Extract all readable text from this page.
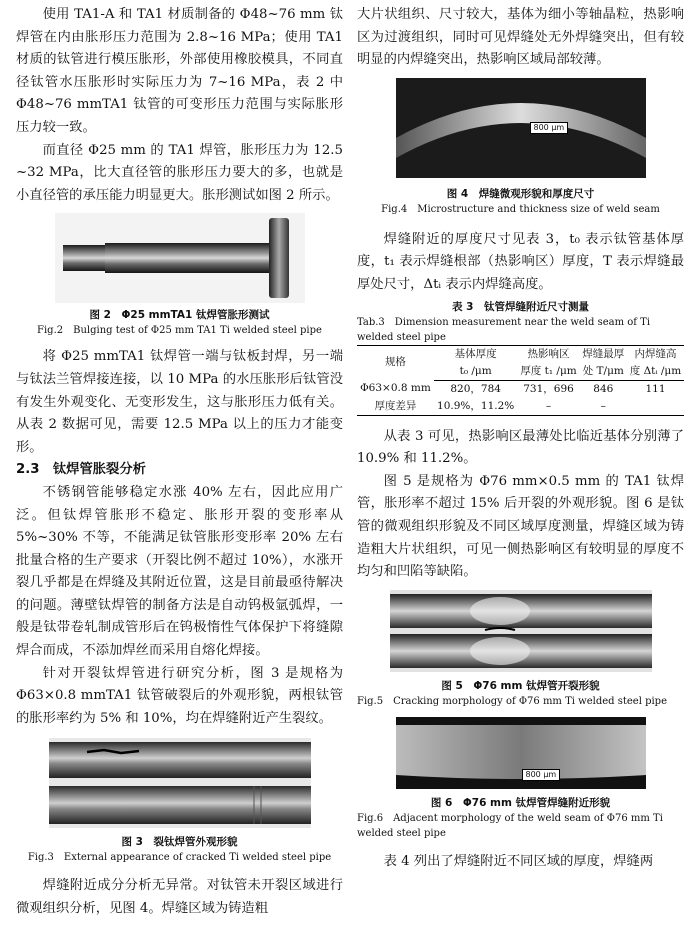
使用 TA1-A 和 TA1 材质制备的 Φ48~76 mm 钛焊管在内由胀形压力范围为 2.8~16 MPa；使用 TA1 材质的钛管进行模压胀形，外部使用橡胶模具，不同直径钛管水压胀形时实际压力为 7~16 MPa，表 2 中 Φ48~76 mmTA1 钛管的可变形压力范围与实际胀形压力较一致。

而直径 Φ25 mm 的 TA1 焊管，胀形压力为 12.5 ~32 MPa，比大直径管的胀形压力要大的多，也就是小直径管的承压能力明显更大。胀形测试如图 2 所示。

图 2　Φ25 mmTA1 钛焊管胀形测试

Fig.2　Bulging test of Φ25 mm TA1 Ti welded steel pipe

将 Φ25 mmTA1 钛焊管一端与钛板封焊，另一端与钛法兰管焊接连接，以 10 MPa 的水压胀形后钛管没有发生外观变化、无变形发生，这与胀形压力低有关。从表 2 数据可见，需要 12.5 MPa 以上的压力才能变形。

2.3　钛焊管胀裂分析

不锈钢管能够稳定水涨 40% 左右，因此应用广泛。但钛焊管胀形不稳定、胀形开裂的变形率从 5%~30% 不等，不能满足钛管胀形变形率 20% 左右批量合格的生产要求（开裂比例不超过 10%），水涨开裂几乎都是在焊缝及其附近位置，这是目前最亟待解决的问题。薄壁钛焊管的制备方法是自动钨极氩弧焊，一般是钛带卷轧制成管形后在钨极惰性气体保护下将缝隙焊合而成，不添加焊丝而采用自熔化焊接。

针对开裂钛焊管进行研究分析，图 3 是规格为 Φ63×0.8 mmTA1 钛管破裂后的外观形貌，两根钛管的胀形率约为 5% 和 10%，均在焊缝附近产生裂纹。

图 3　裂钛焊管外观形貌

Fig.3　External appearance of cracked Ti welded steel pipe

焊缝附近成分分析无异常。对钛管未开裂区域进行微观组织分析，见图 4。焊缝区域为铸造粗

大片状组织、尺寸较大，基体为细小等轴晶粒，热影响区为过渡组织，同时可见焊缝处无外焊缝突出，但有较明显的内焊缝突出，热影响区域局部较薄。

800 μm

图 4　焊缝微观形貌和厚度尺寸

Fig.4　Microstructure and thickness size of weld seam

焊缝附近的厚度尺寸见表 3，t₀ 表示钛管基体厚度，t₁ 表示焊缝根部（热影响区）厚度，T 表示焊缝最厚处尺寸，Δtᵢ 表示内焊缝高度。

表 3　钛管焊缝附近尺寸测量

Tab.3　Dimension measurement near the weld seam of Ti welded steel pipe

规格	基体厚度	热影响区	焊缝最厚	内焊缝高
	t₀ /μm	厚度 t₁ /μm	处 T/μm	度 Δtᵢ /μm
Φ63×0.8 mm	820，784	731，696	846	111
厚度差异	10.9%，11.2%	–	–	

从表 3 可见，热影响区最薄处比临近基体分别薄了 10.9% 和 11.2%。

图 5 是规格为 Φ76 mm×0.5 mm 的 TA1 钛焊管，胀形率不超过 15% 后开裂的外观形貌。图 6 是钛管的微观组织形貌及不同区域厚度测量，焊缝区域为铸造粗大片状组织，可见一侧热影响区有较明显的厚度不均匀和凹陷等缺陷。

图 5　Φ76 mm 钛焊管开裂形貌

Fig.5　Cracking morphology of Φ76 mm Ti welded steel pipe

800 μm

图 6　Φ76 mm 钛焊管焊缝附近形貌

Fig.6　Adjacent morphology of the weld seam of Φ76 mm Ti welded steel pipe

表 4 列出了焊缝附近不同区域的厚度，焊缝两
